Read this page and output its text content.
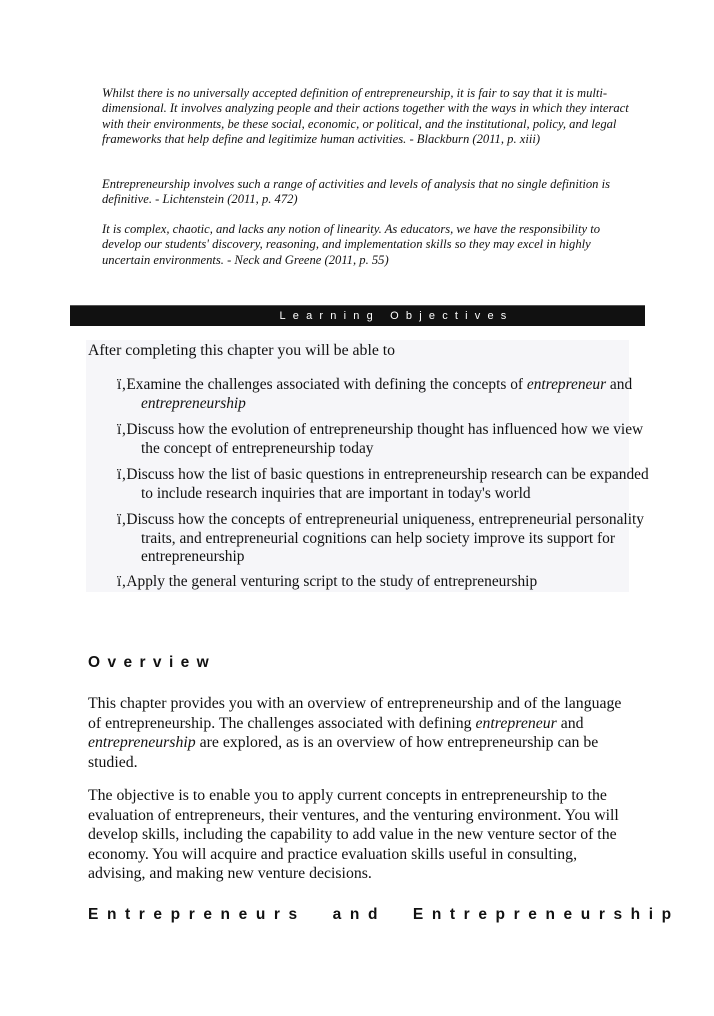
Whilst there is no universally accepted definition of entrepreneurship, it is fair to say that it is multi-dimensional. It involves analyzing people and their actions together with the ways in which they interact with their environments, be these social, economic, or political, and the institutional, policy, and legal frameworks that help define and legitimize human activities. - Blackburn (2011, p. xiii)

Entrepreneurship involves such a range of activities and levels of analysis that no single definition is definitive. - Lichtenstein (2011, p. 472)

It is complex, chaotic, and lacks any notion of linearity. As educators, we have the responsibility to develop our students' discovery, reasoning, and implementation skills so they may excel in highly uncertain environments. - Neck and Greene (2011, p. 55)

Learning Objectives

After completing this chapter you will be able to

ï‚Examine the challenges associated with defining the concepts of entrepreneur and entrepreneurship
ï‚Discuss how the evolution of entrepreneurship thought has influenced how we view the concept of entrepreneurship today
ï‚Discuss how the list of basic questions in entrepreneurship research can be expanded to include research inquiries that are important in today's world
ï‚Discuss how the concepts of entrepreneurial uniqueness, entrepreneurial personality traits, and entrepreneurial cognitions can help society improve its support for entrepreneurship
ï‚Apply the general venturing script to the study of entrepreneurship
Overview

This chapter provides you with an overview of entrepreneurship and of the language of entrepreneurship. The challenges associated with defining entrepreneur and entrepreneurship are explored, as is an overview of how entrepreneurship can be studied.

The objective is to enable you to apply current concepts in entrepreneurship to the evaluation of entrepreneurs, their ventures, and the venturing environment. You will develop skills, including the capability to add value in the new venture sector of the economy. You will acquire and practice evaluation skills useful in consulting, advising, and making new venture decisions.

Entrepreneurs and Entrepreneurship
